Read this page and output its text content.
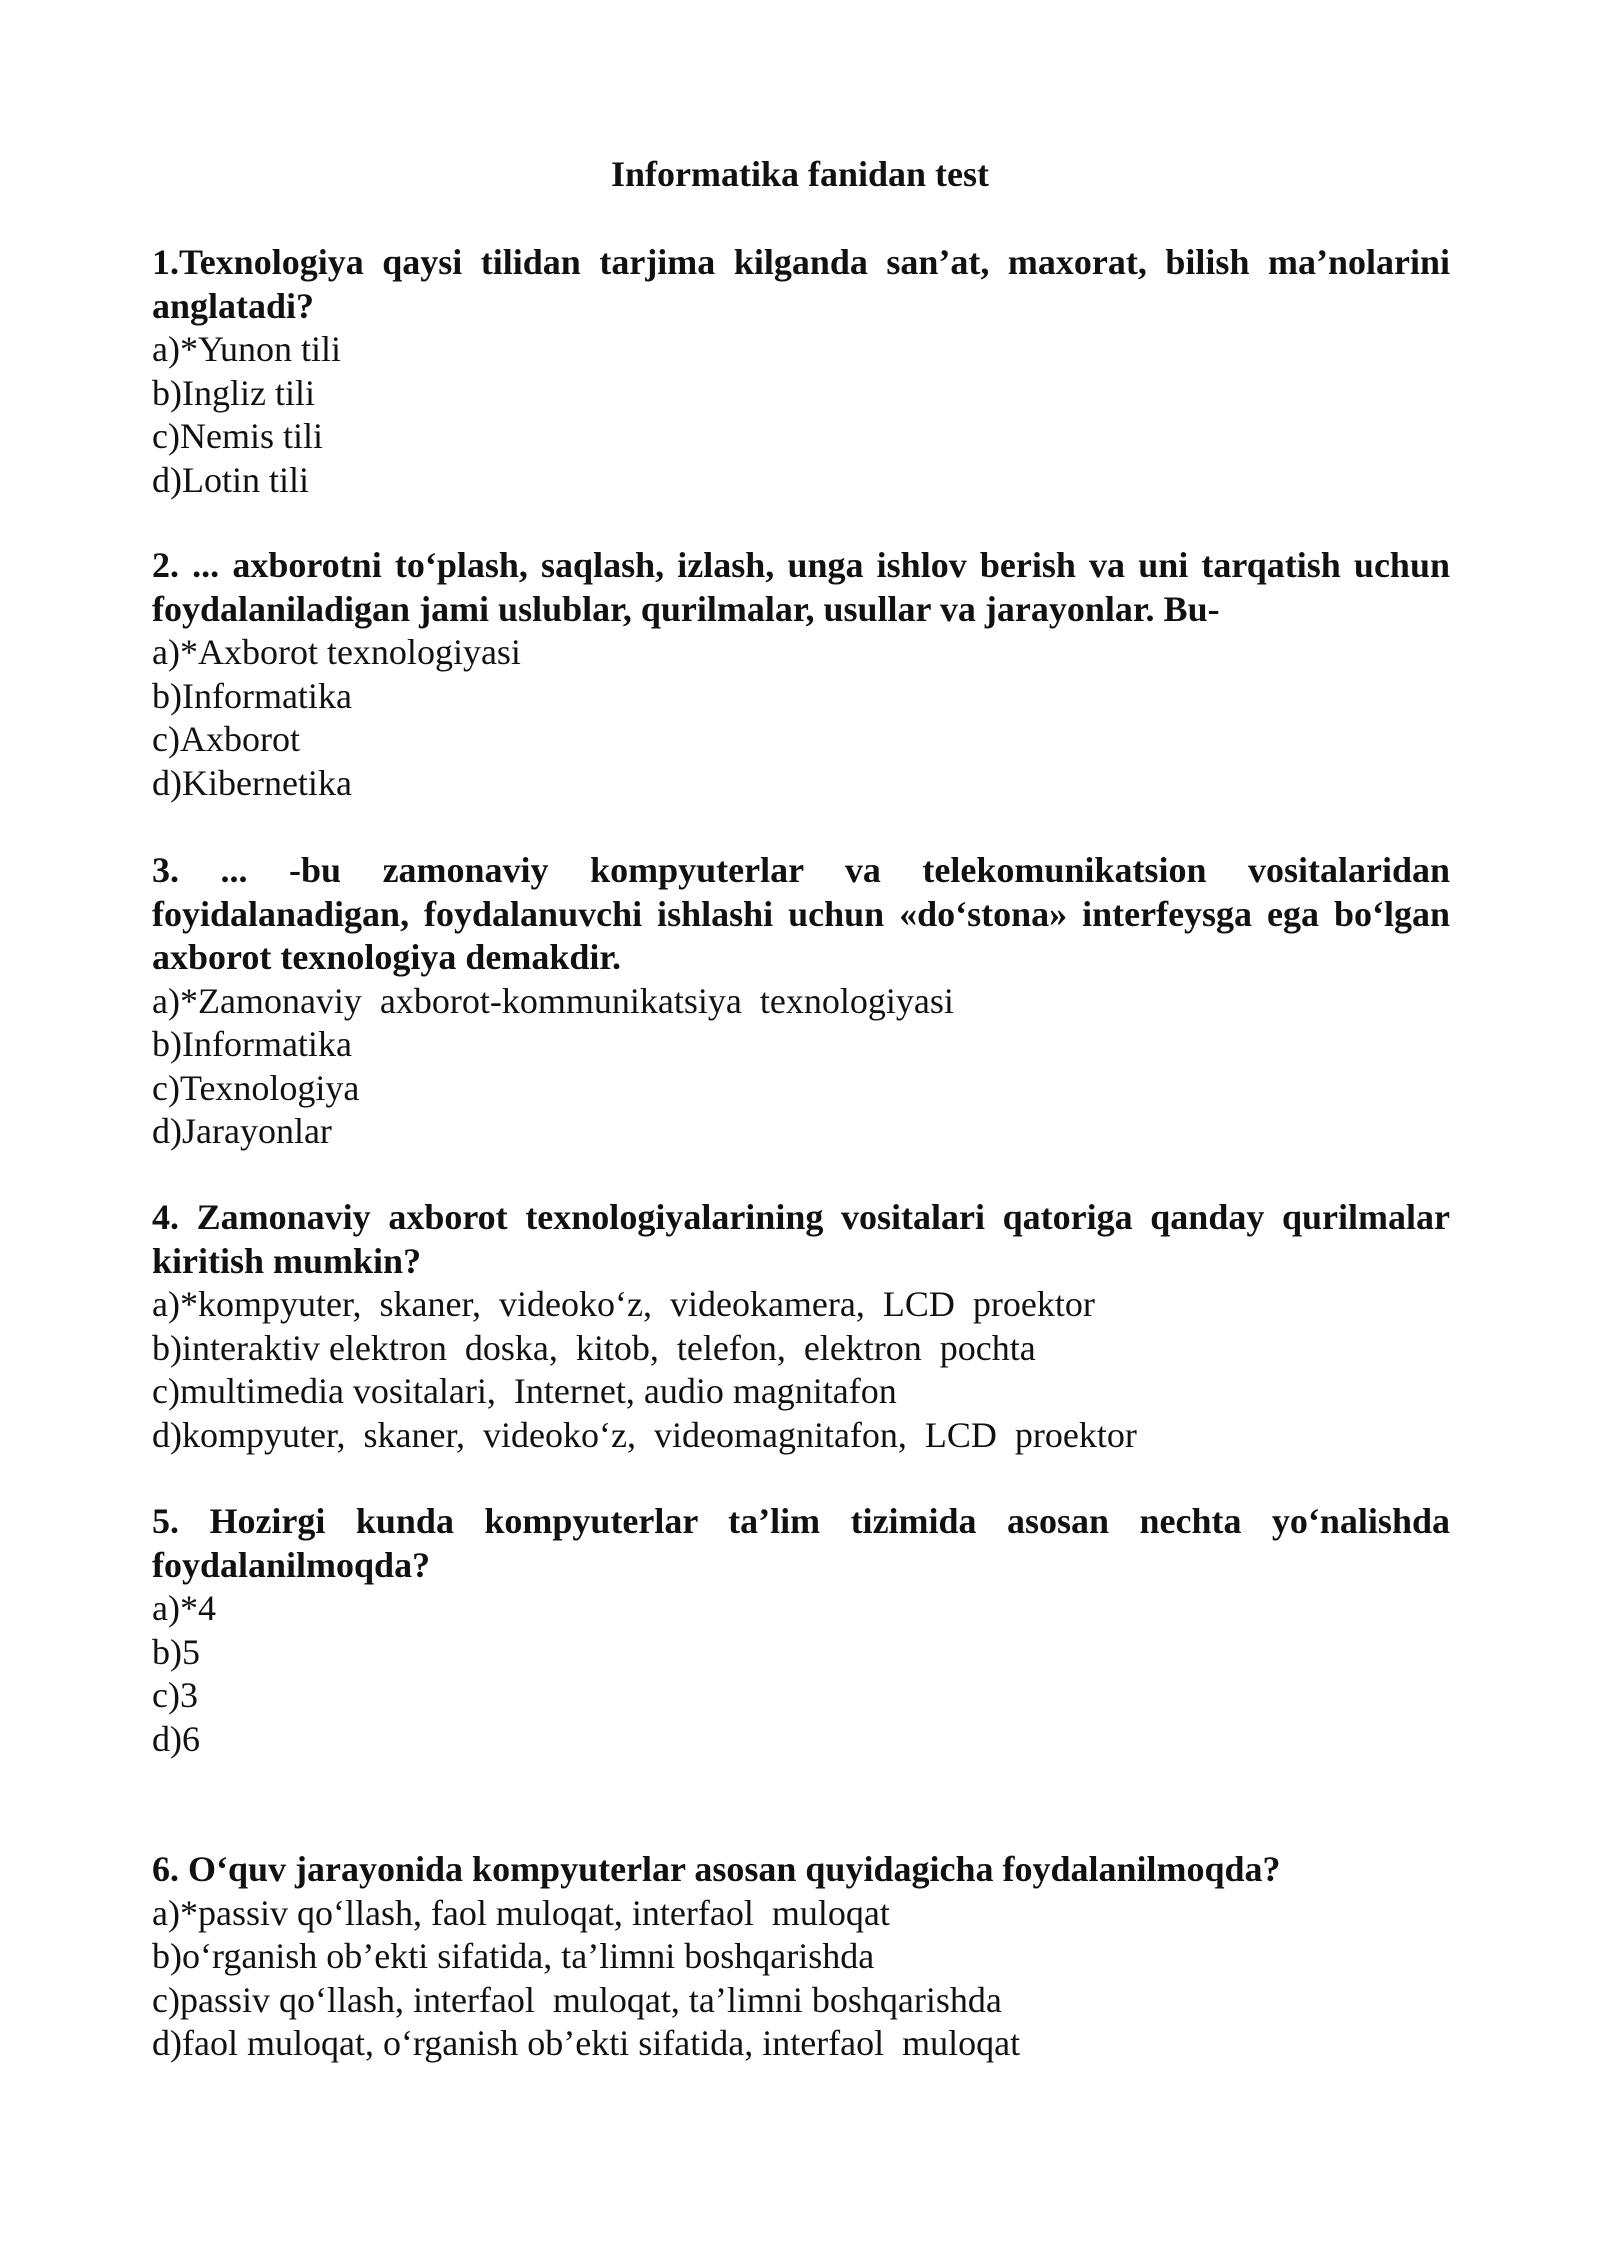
Informatika fanidan test

1.Texnologiya qaysi tilidan tarjima kilganda san’at, maxorat, bilish ma’nolarini anglatadi?

a)*Yunon tili
b)Ingliz tili
c)Nemis tili
d)Lotin tili

2. ... axborotni to‘plash, saqlash, izlash, unga ishlov berish va uni tarqatish uchun foydalaniladigan jami uslublar, qurilmalar, usullar va jarayonlar. Bu-

a)*Axborot texnologiyasi
b)Informatika
c)Axborot
d)Kibernetika

3. ... -bu zamonaviy kompyuterlar va telekomunikatsion vositalaridan foyidalanadigan, foydalanuvchi ishlashi uchun «do‘stona» interfeysga ega bo‘lgan axborot texnologiya demakdir.

a)*Zamonaviy  axborot-kommunikatsiya  texnologiyasi
b)Informatika
c)Texnologiya
d)Jarayonlar

4. Zamonaviy axborot texnologiyalarining vositalari qatoriga qanday qurilmalar kiritish mumkin?

a)*kompyuter,  skaner,  videoko‘z,  videokamera,  LCD  proektor
b)interaktiv elektron  doska,  kitob,  telefon,  elektron  pochta
c)multimedia vositalari,  Internet, audio magnitafon
d)kompyuter,  skaner,  videoko‘z,  videomagnitafon,  LCD  proektor

5. Hozirgi kunda kompyuterlar ta’lim tizimida asosan nechta yo‘nalishda foydalanilmoqda?

a)*4
b)5
c)3
d)6

6. O‘quv jarayonida kompyuterlar asosan quyidagicha foydalanilmoqda?

a)*passiv qo‘llash, faol muloqat, interfaol  muloqat
b)o‘rganish ob’ekti sifatida, ta’limni boshqarishda
c)passiv qo‘llash, interfaol  muloqat, ta’limni boshqarishda
d)faol muloqat, o‘rganish ob’ekti sifatida, interfaol  muloqat
